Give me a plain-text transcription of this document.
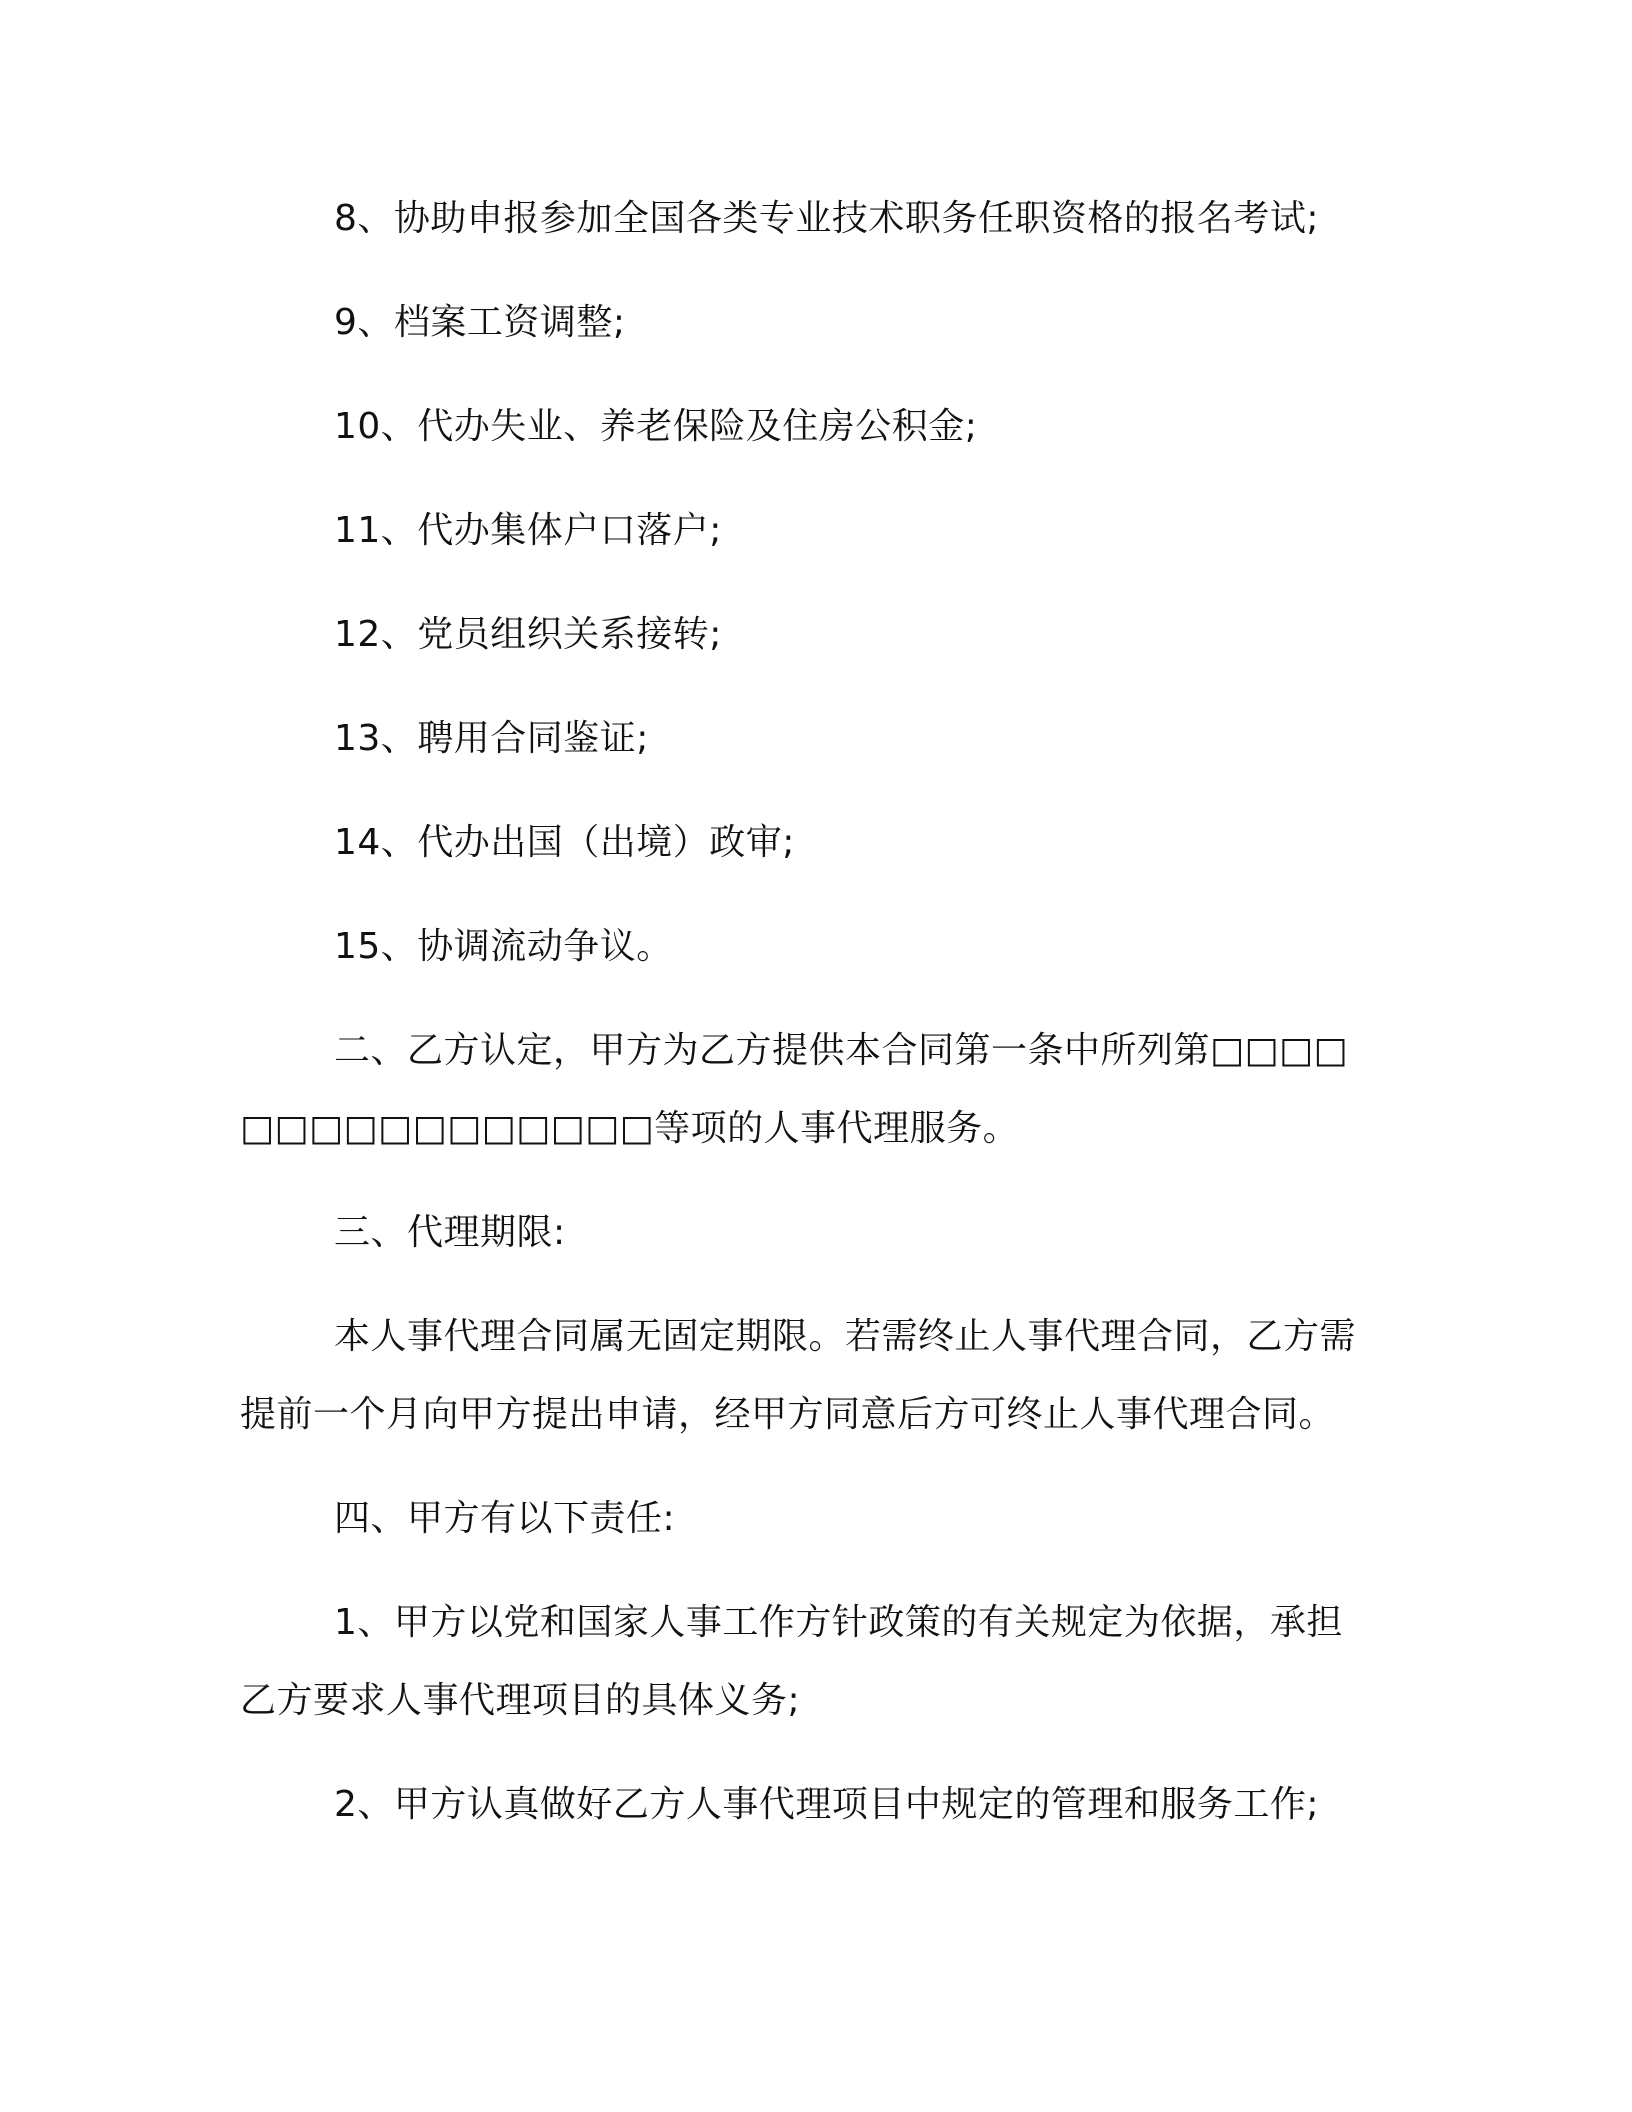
8、协助申报参加全国各类专业技术职务任职资格的报名考试;

9、档案工资调整;

10、代办失业、养老保险及住房公积金;

11、代办集体户口落户;

12、党员组织关系接转;

13、聘用合同鉴证;

14、代办出国（出境）政审;

15、协调流动争议。

二、乙方认定，甲方为乙方提供本合同第一条中所列第□□□□□□□□□□□□□□□□等项的人事代理服务。

三、代理期限:

本人事代理合同属无固定期限。若需终止人事代理合同，乙方需提前一个月向甲方提出申请，经甲方同意后方可终止人事代理合同。

四、甲方有以下责任:

1、甲方以党和国家人事工作方针政策的有关规定为依据，承担乙方要求人事代理项目的具体义务;

2、甲方认真做好乙方人事代理项目中规定的管理和服务工作;
